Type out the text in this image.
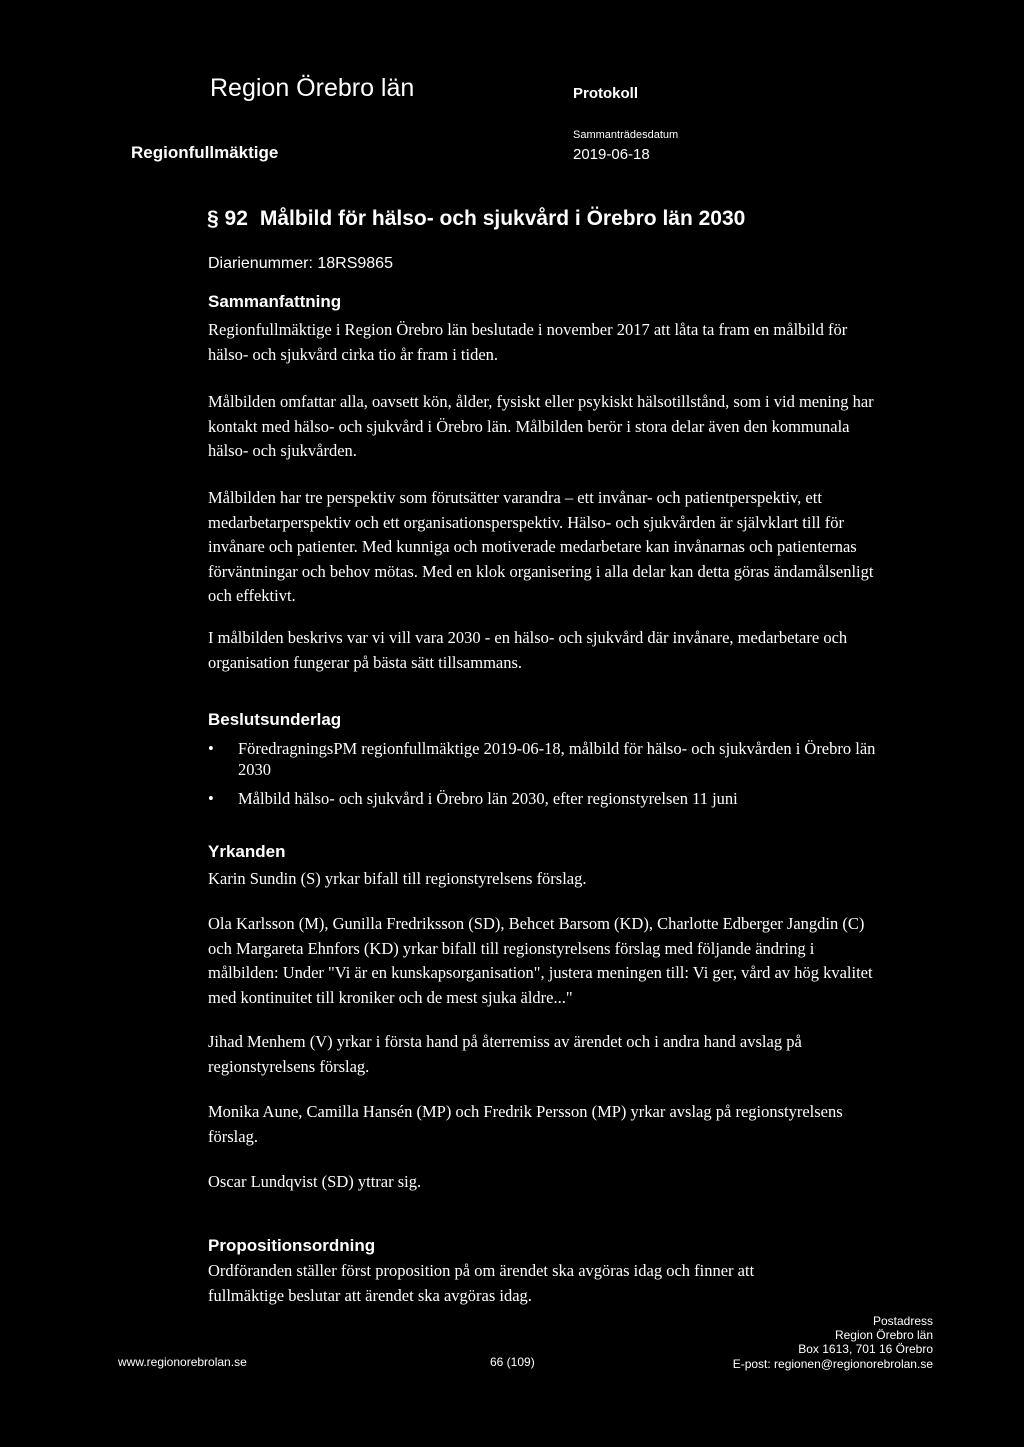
Region Örebro län	Protokoll
Regionfullmäktige
Sammanträdesdatum
2019-06-18
§ 92 Målbild för hälso- och sjukvård i Örebro län 2030
Diarienummer: 18RS9865
Sammanfattning

Regionfullmäktige i Region Örebro län beslutade i november 2017 att låta ta fram en målbild för hälso- och sjukvård cirka tio år fram i tiden.

Målbilden omfattar alla, oavsett kön, ålder, fysiskt eller psykiskt hälsotillstånd, som i vid mening har kontakt med hälso- och sjukvård i Örebro län. Målbilden berör i stora delar även den kommunala hälso- och sjukvården.

Målbilden har tre perspektiv som förutsätter varandra – ett invånar- och patientperspektiv, ett medarbetarperspektiv och ett organisationsperspektiv. Hälso- och sjukvården är självklart till för invånare och patienter. Med kunniga och motiverade medarbetare kan invånarnas och patienternas förväntningar och behov mötas. Med en klok organisering i alla delar kan detta göras ändamålsenligt och effektivt.

I målbilden beskrivs var vi vill vara 2030 - en hälso- och sjukvård där invånare, medarbetare och organisation fungerar på bästa sätt tillsammans.

Beslutsunderlag
• FöredragningsPM regionfullmäktige 2019-06-18, målbild för hälso- och sjukvården i Örebro län 2030
• Målbild hälso- och sjukvård i Örebro län 2030, efter regionstyrelsen 11 juni
Yrkanden

Karin Sundin (S) yrkar bifall till regionstyrelsens förslag.

Ola Karlsson (M), Gunilla Fredriksson (SD), Behcet Barsom (KD), Charlotte Edberger Jangdin (C) och Margareta Ehnfors (KD) yrkar bifall till regionstyrelsens förslag med följande ändring i målbilden: Under "Vi är en kunskapsorganisation", justera meningen till: Vi ger, vård av hög kvalitet med kontinuitet till kroniker och de mest sjuka äldre..."

Jihad Menhem (V) yrkar i första hand på återremiss av ärendet och i andra hand avslag på regionstyrelsens förslag.

Monika Aune, Camilla Hansén (MP) och Fredrik Persson (MP) yrkar avslag på regionstyrelsens förslag.

Oscar Lundqvist (SD) yttrar sig.

Propositionsordning

Ordföranden ställer först proposition på om ärendet ska avgöras idag och finner att fullmäktige beslutar att ärendet ska avgöras idag.

www.regionorebrolan.se	66 (109)
Postadress
Region Örebro län
Box 1613, 701 16 Örebro
E-post: regionen@regionorebrolan.se
